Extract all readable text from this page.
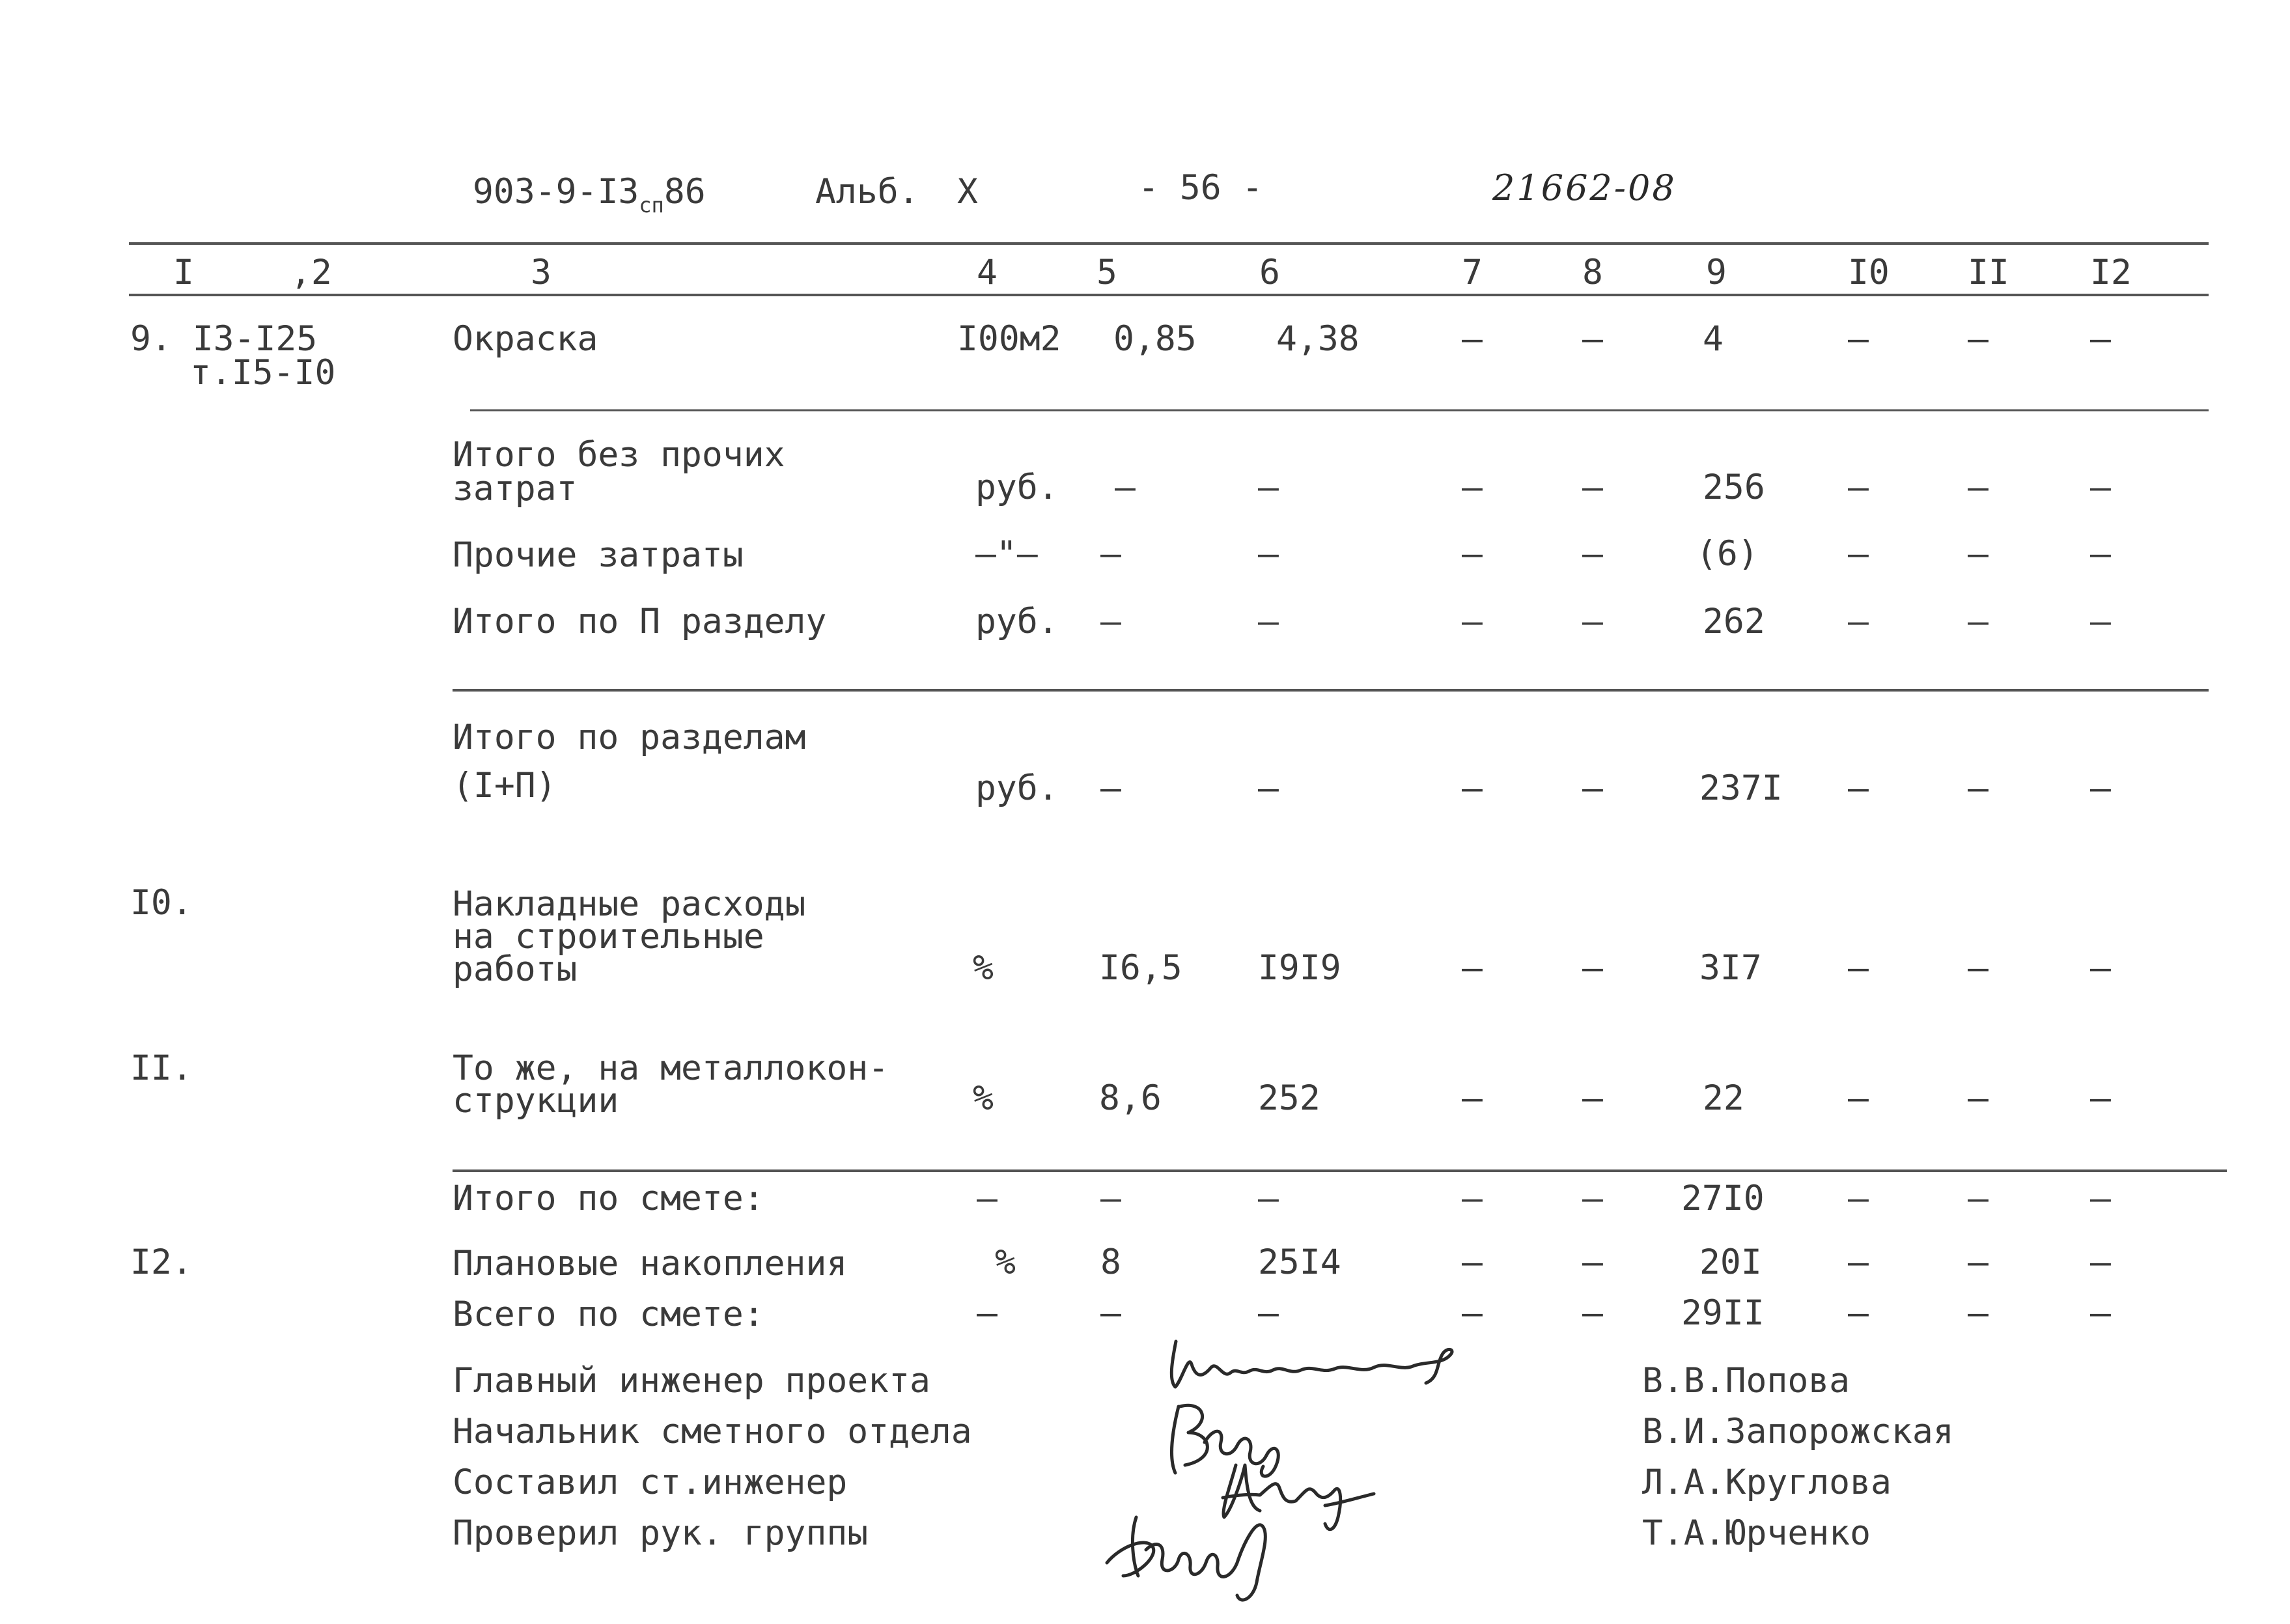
$903-9-I3_{сп}86$	Альб. X	- 56 -	21662-08
I	,2	3	4	5	6	7	8	9	I0 II I2
9. I3-I25
т.I5-I0
Окраска	I00м2 0,85 4,38	–	–	4	–	–	–
Итого без прочих
затрат	руб. –	–	–	–	256 –	–	–
Прочие затраты	–"– –	–	–	–	(6)	–	–	–
Итого по П разделу	руб. –	–	–	–	262 –	–	–
Итого по разделам
(I+П)	руб. –	–	–	–	237I –	–	–
I0.	Накладные расходы
на строительные
работы	%	I6,5 I9I9	–	–	3I7 –	–	–
II.	То же, на металлокон-
струкции	%	8,6	252	–	–	22	–	–	–
Итого по смете:	–	–	–	–	– 27I0 –	–	–
I2.	Плановые накопления	% 8	25I4	–	–	20I –	–	–
Всего по смете:	–	–	–	–	– 29II –	–	–
Главный инженер проекта	В.В.Попова
Начальник сметного отдела	В.И.Запорожская
Составил ст.инженер	Л.А.Круглова
Проверил рук. группы	Т.А.Юрченко
